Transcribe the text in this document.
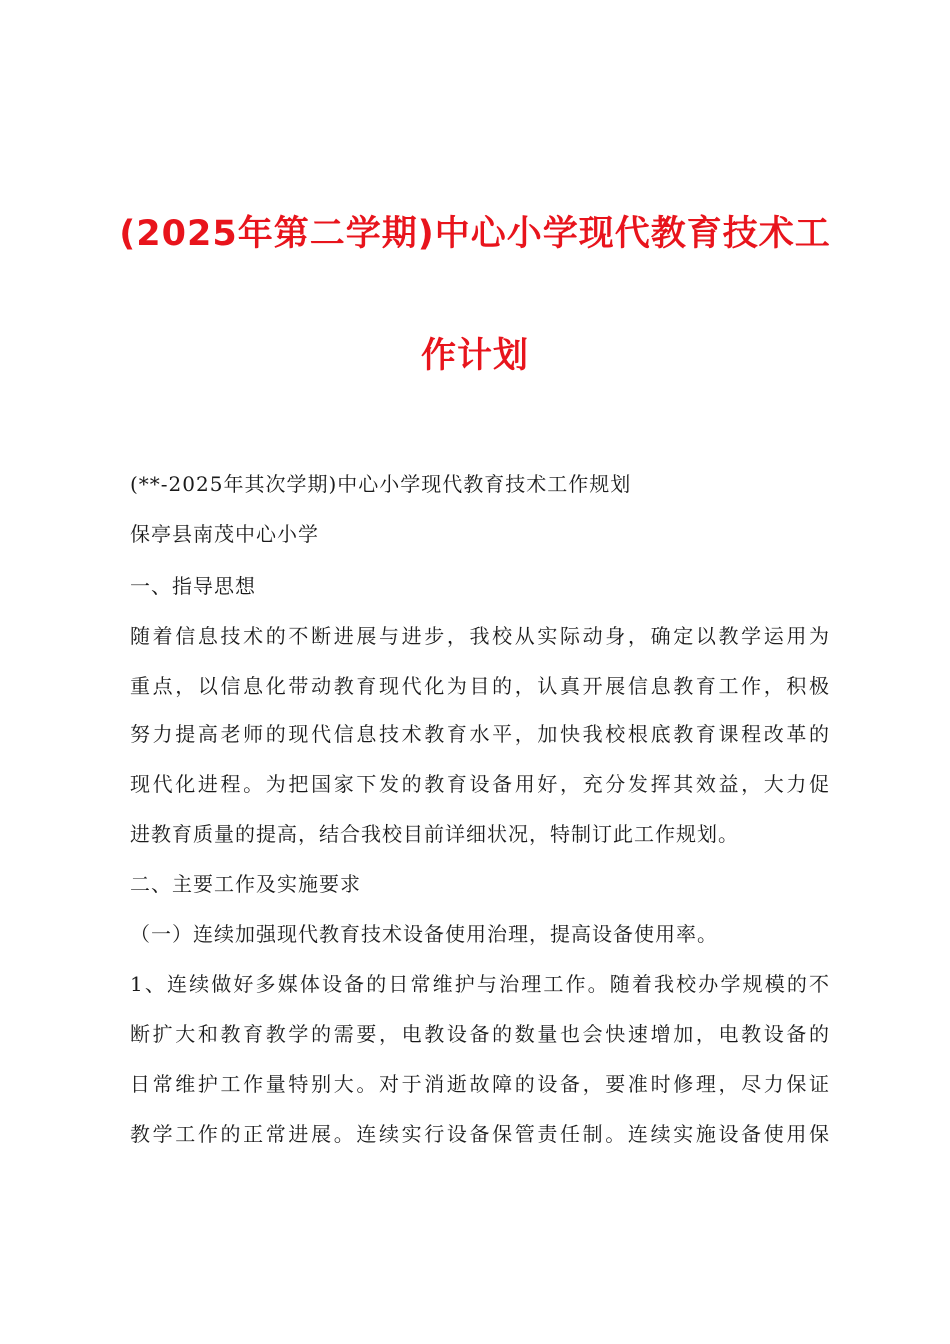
(2025年第二学期)中心小学现代教育技术工
作计划
(**-2025年其次学期)中心小学现代教育技术工作规划
保亭县南茂中心小学
一、指导思想
随着信息技术的不断进展与进步，我校从实际动身，确定以教学运用为
重点，以信息化带动教育现代化为目的，认真开展信息教育工作，积极
努力提高老师的现代信息技术教育水平，加快我校根底教育课程改革的
现代化进程。为把国家下发的教育设备用好，充分发挥其效益，大力促
进教育质量的提高，结合我校目前详细状况，特制订此工作规划。
二、主要工作及实施要求
（一）连续加强现代教育技术设备使用治理，提高设备使用率。
1、连续做好多媒体设备的日常维护与治理工作。随着我校办学规模的不
断扩大和教育教学的需要，电教设备的数量也会快速增加，电教设备的
日常维护工作量特别大。对于消逝故障的设备，要准时修理，尽力保证
教学工作的正常进展。连续实行设备保管责任制。连续实施设备使用保
